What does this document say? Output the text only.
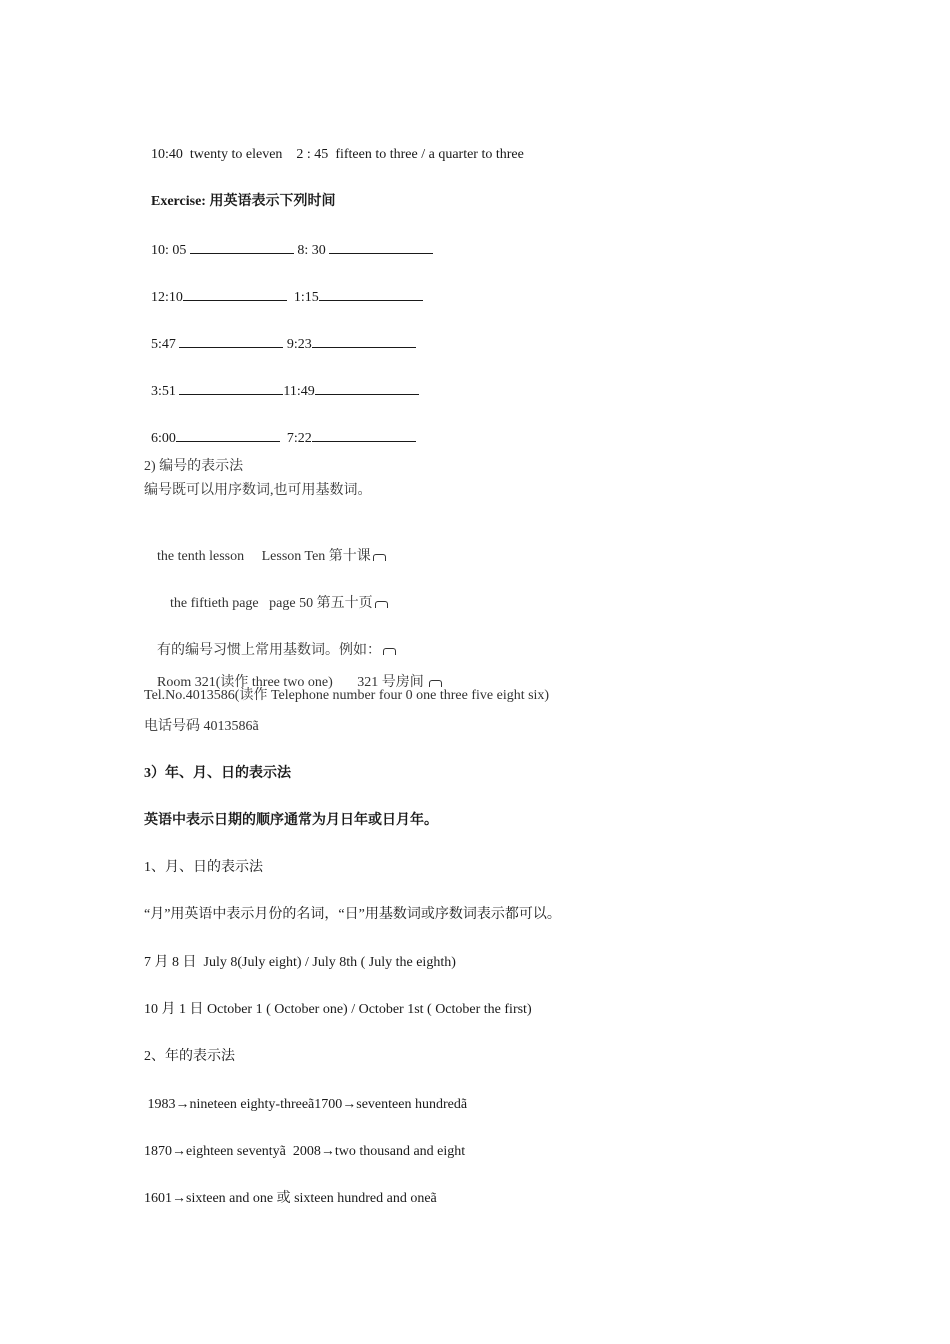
10:40 twenty to eleven 2 : 45 fifteen to three / a quarter to three

Exercise: 用英语表示下列时间

10: 05	8: 30

12:10	1:15

5:47	9:23

3:51	11:49

6:00	7:22

2) 编号的表示法
编号既可以用序数词,也可用基数词。

the tenth lesson Lesson Ten 第十课

the fiftieth page page 50 第五十页

有的编号习惯上常用基数词。例如：

Room 321(读作 three two one) 321 号房间

Tel.No.4013586(读作 Telephone number four 0 one three five eight six)
电话号码 4013586ã
3）年、月、日的表示法
英语中表示日期的顺序通常为月日年或日月年。
1、月、日的表示法
“月”用英语中表示月份的名词，“日”用基数词或序数词表示都可以。
7 月 8 日  July 8(July eight) / July 8th ( July the eighth)
10 月 1 日 October 1 ( October one) / October 1st ( October the first)
2、年的表示法
1983→nineteen eighty-threeã1700→seventeen hundredã
1870→eighteen seventyã  2008→two thousand and eight
1601→sixteen and one 或 sixteen hundred and oneã
